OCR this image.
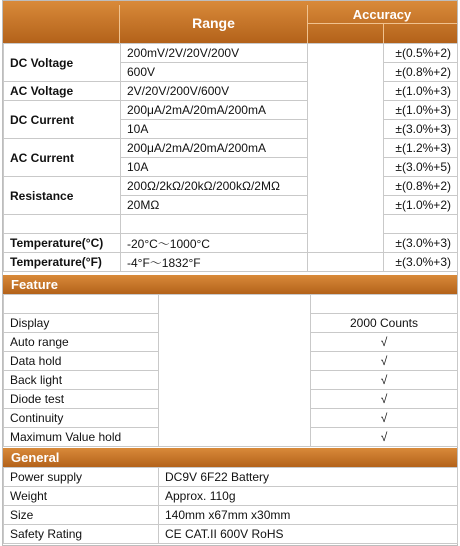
Range
Accuracy
DC Voltage	200mV/2V/20V/200V		±(0.5%+2)
	600V		±(0.8%+2)
AC Voltage	2V/20V/200V/600V		±(1.0%+3)
DC Current	200μA/2mA/20mA/200mA		±(1.0%+3)
	10A		±(3.0%+3)
AC Current	200μA/2mA/20mA/200mA		±(1.2%+3)
	10A		±(3.0%+5)
Resistance	200Ω/2kΩ/20kΩ/200kΩ/2MΩ		±(0.8%+2)
	20MΩ		±(1.0%+2)

Temperature(°C)	-20°C～1000°C		±(3.0%+3)
Temperature(°F)	-4°F～1832°F		±(3.0%+3)
Feature

Display		2000 Counts
Auto range		√
Data hold		√
Back light		√
Diode test		√
Continuity		√
Maximum Value hold		√
General
Power supply	DC9V 6F22 Battery
Weight	Approx. 110g
Size	140mm x67mm x30mm
Safety Rating	CE CAT.II 600V RoHS
